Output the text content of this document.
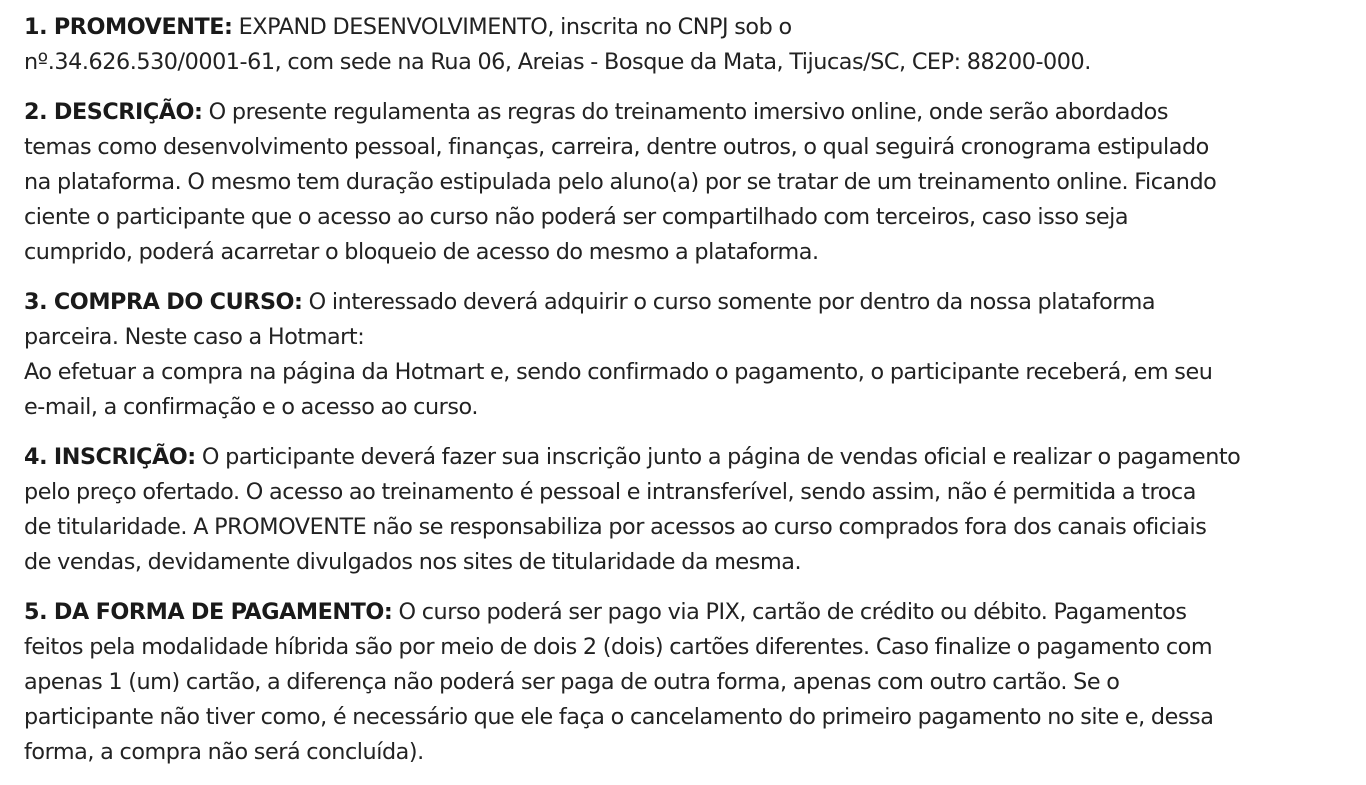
1. PROMOVENTE: EXPAND DESENVOLVIMENTO, inscrita no CNPJ sob o
nº.34.626.530/0001-61, com sede na Rua 06, Areias - Bosque da Mata, Tijucas/SC, CEP: 88200-000.
2. DESCRIÇÃO: O presente regulamenta as regras do treinamento imersivo online, onde serão abordados
temas como desenvolvimento pessoal, finanças, carreira, dentre outros, o qual seguirá cronograma estipulado
na plataforma. O mesmo tem duração estipulada pelo aluno(a) por se tratar de um treinamento online. Ficando
ciente o participante que o acesso ao curso não poderá ser compartilhado com terceiros, caso isso seja
cumprido, poderá acarretar o bloqueio de acesso do mesmo a plataforma.
3. COMPRA DO CURSO: O interessado deverá adquirir o curso somente por dentro da nossa plataforma
parceira. Neste caso a Hotmart:
Ao efetuar a compra na página da Hotmart e, sendo confirmado o pagamento, o participante receberá, em seu
e-mail, a confirmação e o acesso ao curso.
4. INSCRIÇÃO: O participante deverá fazer sua inscrição junto a página de vendas oficial e realizar o pagamento
pelo preço ofertado. O acesso ao treinamento é pessoal e intransferível, sendo assim, não é permitida a troca
de titularidade. A PROMOVENTE não se responsabiliza por acessos ao curso comprados fora dos canais oficiais
de vendas, devidamente divulgados nos sites de titularidade da mesma.
5. DA FORMA DE PAGAMENTO: O curso poderá ser pago via PIX, cartão de crédito ou débito. Pagamentos
feitos pela modalidade híbrida são por meio de dois 2 (dois) cartões diferentes. Caso finalize o pagamento com
apenas 1 (um) cartão, a diferença não poderá ser paga de outra forma, apenas com outro cartão. Se o
participante não tiver como, é necessário que ele faça o cancelamento do primeiro pagamento no site e, dessa
forma, a compra não será concluída).
